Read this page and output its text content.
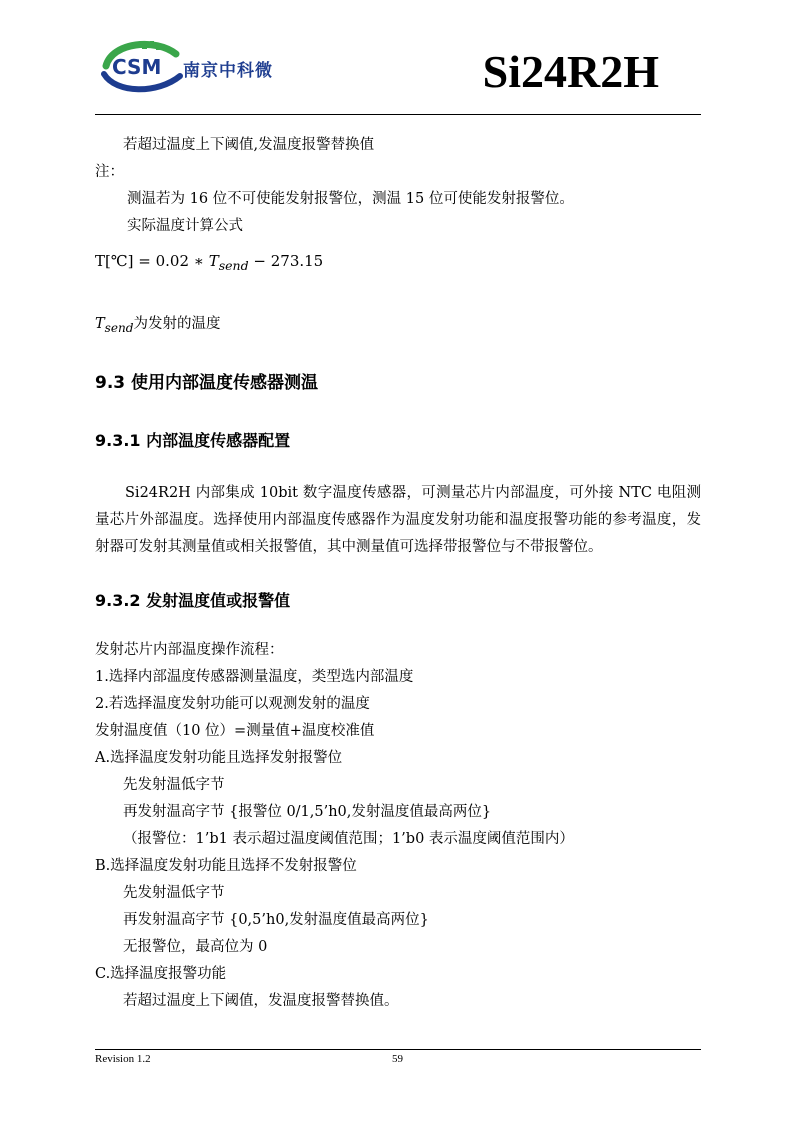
CSM 南京中科微	Si24R2H
若超过温度上下阈值,发温度报警替换值
注：
测温若为 16 位不可使能发射报警位，测温 15 位可使能发射报警位。
实际温度计算公式
T[℃] = 0.02 ∗ $T_{send} - 273.15$
$T_{send}$为发射的温度
9.3 使用内部温度传感器测温
9.3.1 内部温度传感器配置
Si24R2H 内部集成 10bit 数字温度传感器，可测量芯片内部温度，可外接 NTC 电阻测量芯片外部温度。选择使用内部温度传感器作为温度发射功能和温度报警功能的参考温度，发射器可发射其测量值或相关报警值，其中测量值可选择带报警位与不带报警位。
9.3.2 发射温度值或报警值
发射芯片内部温度操作流程：
1.选择内部温度传感器测量温度，类型选内部温度
2.若选择温度发射功能可以观测发射的温度
发射温度值（10 位）=测量值+温度校准值
A.选择温度发射功能且选择发射报警位
先发射温低字节
再发射温高字节 {报警位 0/1,5’h0,发射温度值最高两位}
（报警位：1’b1 表示超过温度阈值范围；1’b0 表示温度阈值范围内）
B.选择温度发射功能且选择不发射报警位
先发射温低字节
再发射温高字节 {0,5’h0,发射温度值最高两位}
无报警位，最高位为 0
C.选择温度报警功能
若超过温度上下阈值，发温度报警替换值。
Revision 1.2	59
